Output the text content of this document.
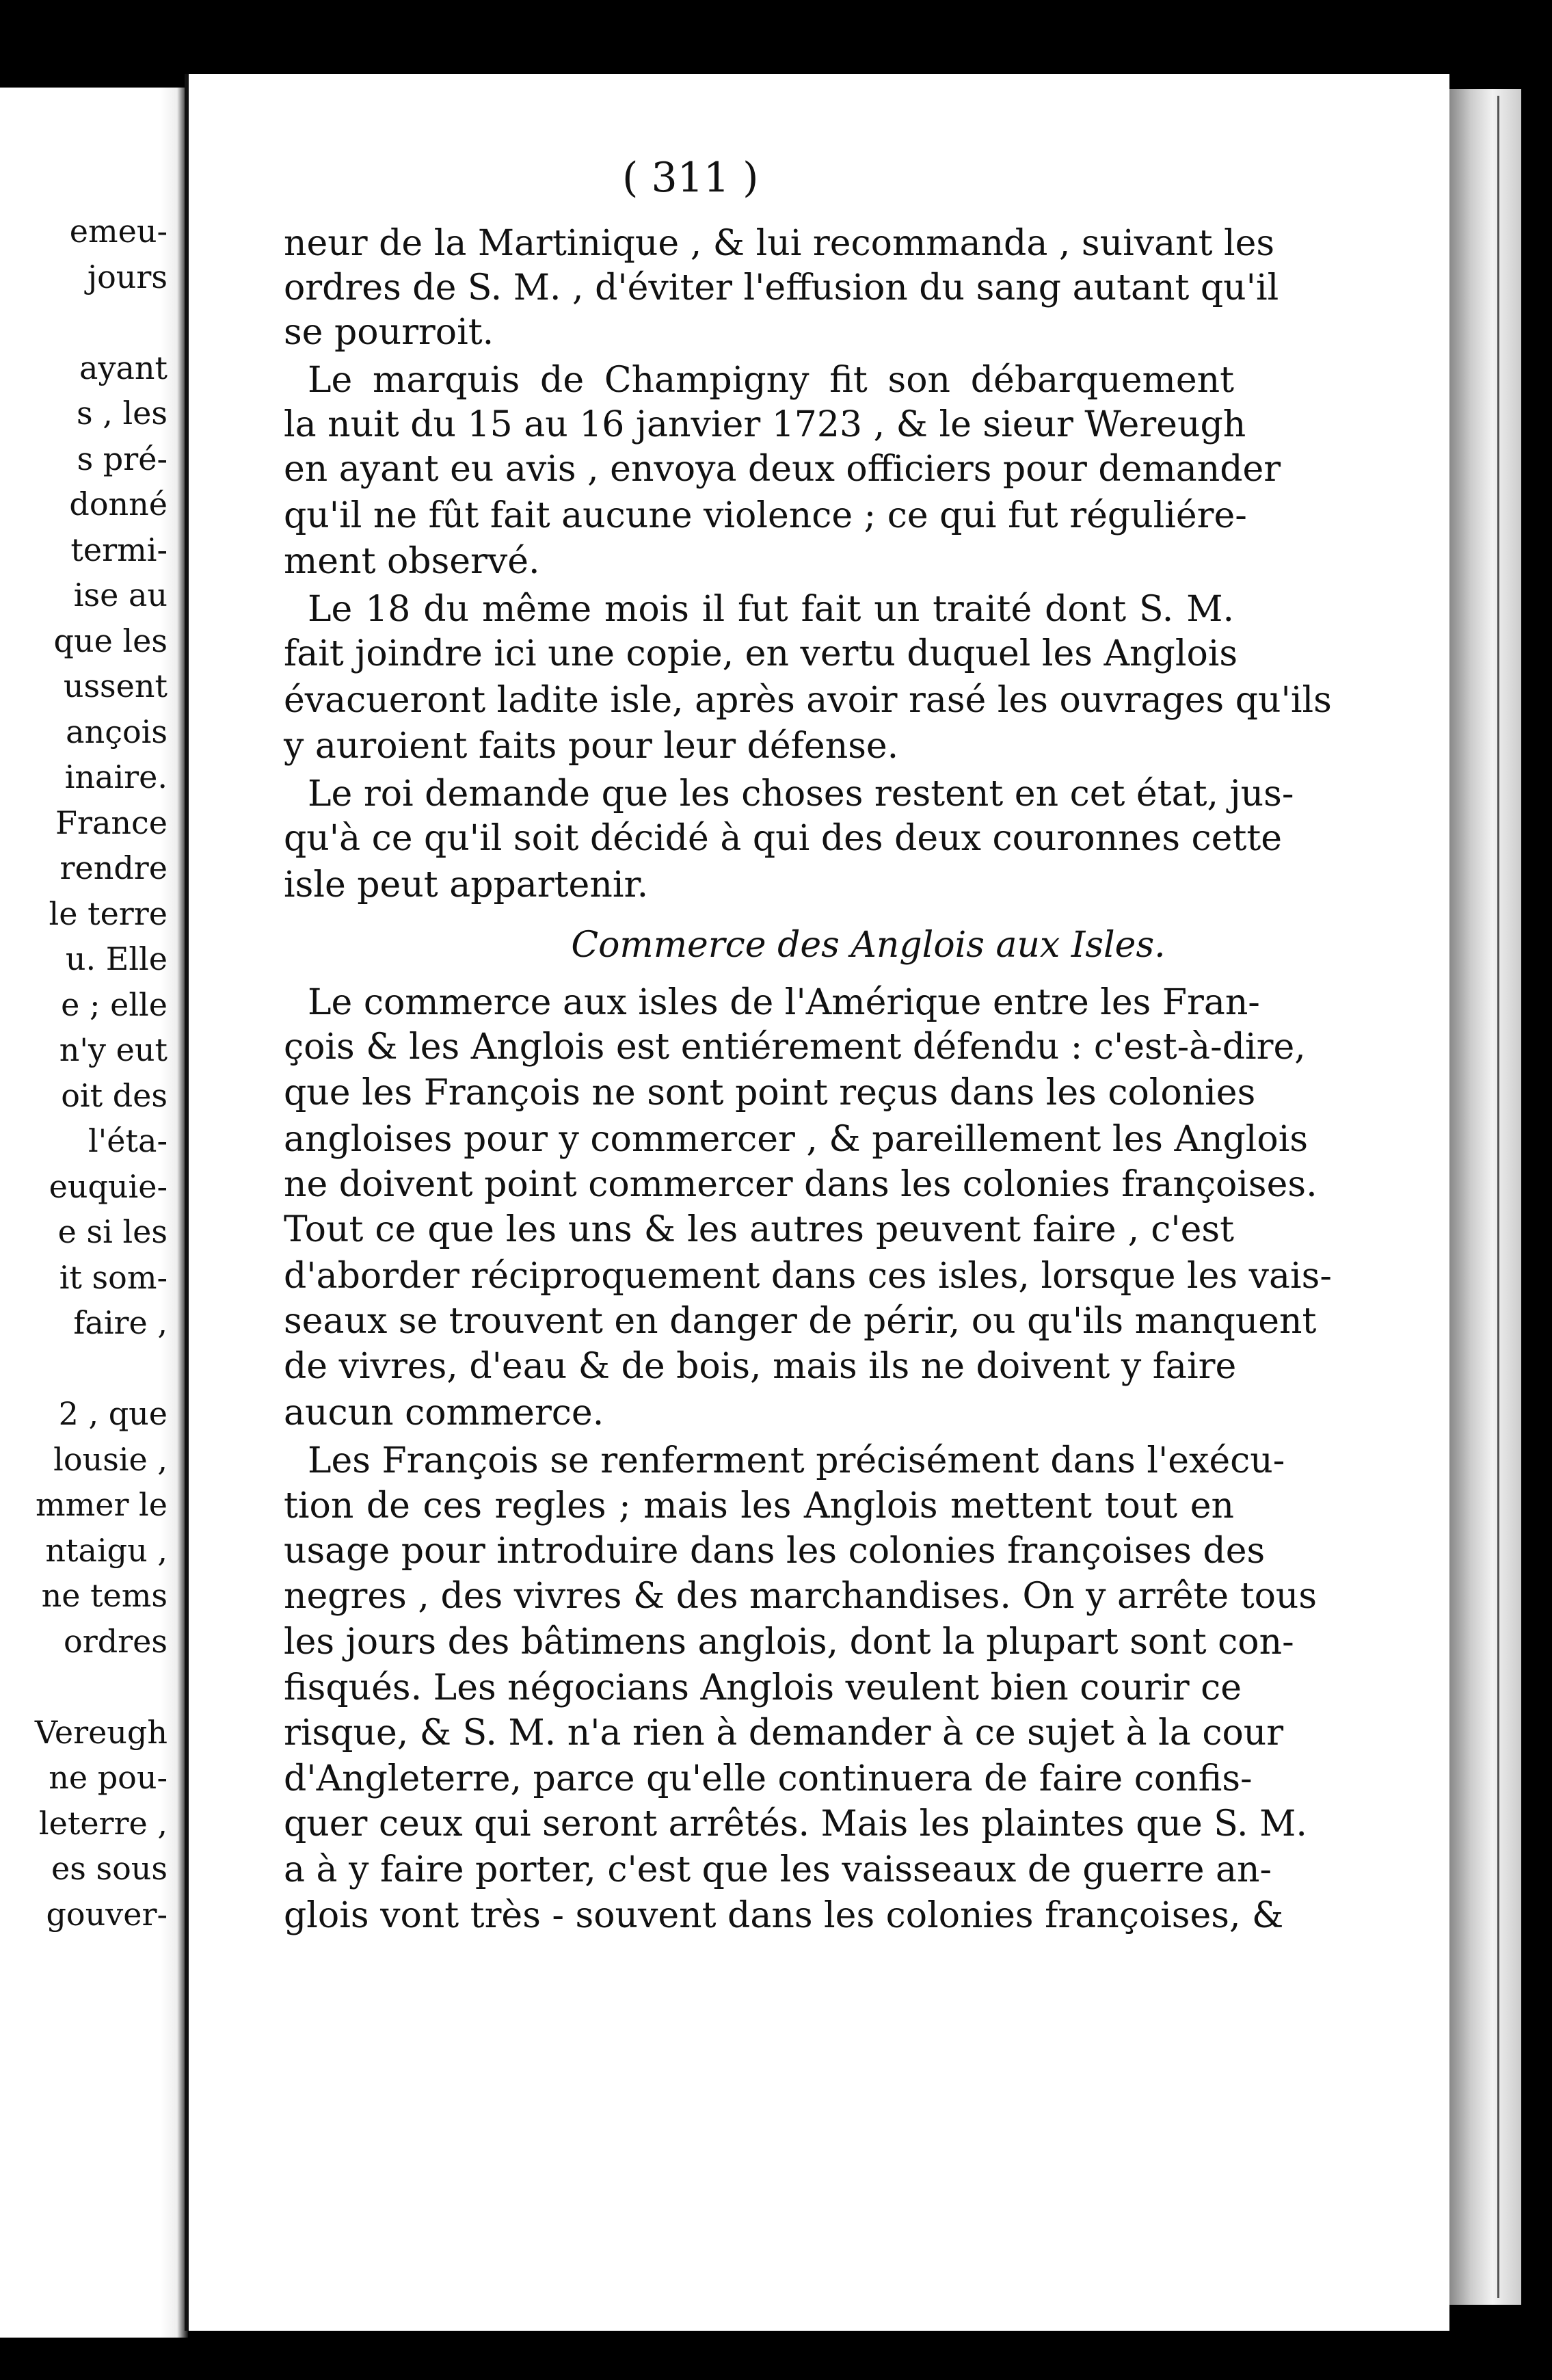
( 311 )
Commerce des Anglois aux Isles.
neur de la Martinique , & lui recommanda , suivant les
ordres de S. M. , d'éviter l'effusion du sang autant qu'il
se pourroit.
Le marquis de Champigny fit son débarquement
la nuit du 15 au 16 janvier 1723 , & le sieur Wereugh
en ayant eu avis , envoya deux officiers pour demander
qu'il ne fût fait aucune violence ; ce qui fut réguliére-
ment observé.
Le 18 du même mois il fut fait un traité dont S. M.
fait joindre ici une copie, en vertu duquel les Anglois
évacueront ladite isle, après avoir rasé les ouvrages qu'ils
y auroient faits pour leur défense.
Le roi demande que les choses restent en cet état, jus-
qu'à ce qu'il soit décidé à qui des deux couronnes cette
isle peut appartenir.
Le commerce aux isles de l'Amérique entre les Fran-
çois & les Anglois est entiérement défendu : c'est-à-dire,
que les François ne sont point reçus dans les colonies
angloises pour y commercer , & pareillement les Anglois
ne doivent point commercer dans les colonies françoises.
Tout ce que les uns & les autres peuvent faire , c'est
d'aborder réciproquement dans ces isles, lorsque les vais-
seaux se trouvent en danger de périr, ou qu'ils manquent
de vivres, d'eau & de bois, mais ils ne doivent y faire
aucun commerce.
Les François se renferment précisément dans l'exécu-
tion de ces regles ; mais les Anglois mettent tout en
usage pour introduire dans les colonies françoises des
negres , des vivres & des marchandises. On y arrête tous
les jours des bâtimens anglois, dont la plupart sont con-
fisqués. Les négocians Anglois veulent bien courir ce
risque, & S. M. n'a rien à demander à ce sujet à la cour
d'Angleterre, parce qu'elle continuera de faire confis-
quer ceux qui seront arrêtés. Mais les plaintes que S. M.
a à y faire porter, c'est que les vaisseaux de guerre an-
glois vont très - souvent dans les colonies françoises, &
emeu-
jours
ayant
s , les
s pré-
donné
termi-
ise au
que les
ussent
ançois
inaire.
France
rendre
le terre
u. Elle
e ; elle
n'y eut
oit des
l'éta-
euquie-
e si les
it som-
faire ,
2 , que
lousie ,
mmer le
ntaigu ,
ne tems
ordres
Vereugh
ne pou-
leterre ,
es sous
gouver-
